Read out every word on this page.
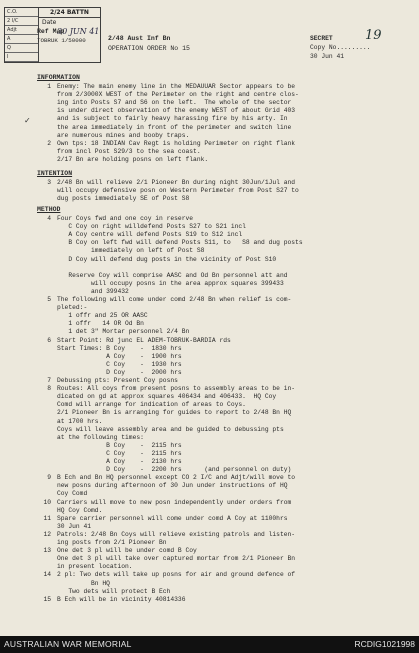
C.O.
2 I/C
Adjt
A
Q
I
2/24 BATTN
Date
30 JUN 41
Ref Map
TOBRUK 1/50000	2/48 Aust Inf Bn
OPERATION ORDER No 15
SECRET
Copy No.........
30 Jun 41
19
INFORMATION
1 Enemy: The main enemy line in the MEDAUUAR Sector appears to be
from 2/3000X WEST of the Perimeter on the right and centre clos-
ing into Posts S7 and S6 on the left.  The whole of the sector
is under direct observation of the enemy WEST of about Grid 403
and is subject to fairly heavy harassing fire by his arty. In
the area immediately in front of the perimeter and switch line
are numerous mines and booby traps.
2 Own tps: 18 INDIAN Cav Regt is holding Perimeter on right flank
from incl Post S29/3 to the sea coast.
2/17 Bn are holding posns on left flank.
INTENTION
3 2/48 Bn will relieve 2/1 Pioneer Bn during night 30Jun/1Jul and
will occupy defensive posn on Western Perimeter from Post S27 to
dug posts immediately SE of Post S8
METHOD
4 Four Coys fwd and one coy in reserve
C Coy on right willdefend Posts S27 to S21 incl
A Coy centre will defend Posts S19 to S12 incl
B Coy on left fwd will defend Posts S11, to   S8 and dug posts
immediately on left of Post S8
D Coy will defend dug posts in the vicinity of Post S10
Reserve Coy will comprise AASC and Od Bn personnel att and
will occupy posns in the area approx squares 399433
and 399432
5 The following will come under comd 2/48 Bn when relief is com-
pleted:-
1 offr and 25 OR AASC
1 offr   14 OR Od Bn
1 det 3" Mortar personnel 2/4 Bn
6 Start Point: Rd junc EL ADEM-TOBRUK-BARDIA rds
Start Times: B Coy    -  1830 hrs
A Coy    -  1900 hrs
C Coy    -  1930 hrs
D Coy    -  2000 hrs
7 Debussing pts: Present Coy posns
8 Routes: All coys from present posns to assembly areas to be in-
dicated on gd at approx squares 406434 and 406433.  HQ Coy
Comd will arrange for indication of areas to Coys.
2/1 Pioneer Bn is arranging for guides to report to 2/48 Bn HQ
at 1700 hrs.
Coys will leave assembly area and be guided to debussing pts
at the following times:
B Coy    -  2115 hrs
C Coy    -  2115 hrs
A Coy    -  2130 hrs
D Coy    -  2200 hrs      (and personnel on duty)
9 B Ech and Bn HQ personnel except CO 2 I/C and Adjt/will move to
new posns during afternoon of 30 Jun under instructions of HQ
Coy Comd
10 Carriers will move to new posn independently under orders from
HQ Coy Comd.
11 Spare carrier personnel will come under comd A Coy at 1100hrs
30 Jun 41
12 Patrols: 2/48 Bn Coys will relieve existing patrols and listen-
ing posts from 2/1 Pioneer Bn
13 One det 3 pl will be under comd B Coy
One det 3 pl will take over captured mortar from 2/1 Pioneer Bn
in present location.
14 2 pl: Two dets will take up posns for air and ground defence of
Bn HQ
Two dets will protect B Ech
15 B Ech will be in vicinity 40814336
✓
AUSTRALIAN WAR MEMORIAL	RCDIG1021998
